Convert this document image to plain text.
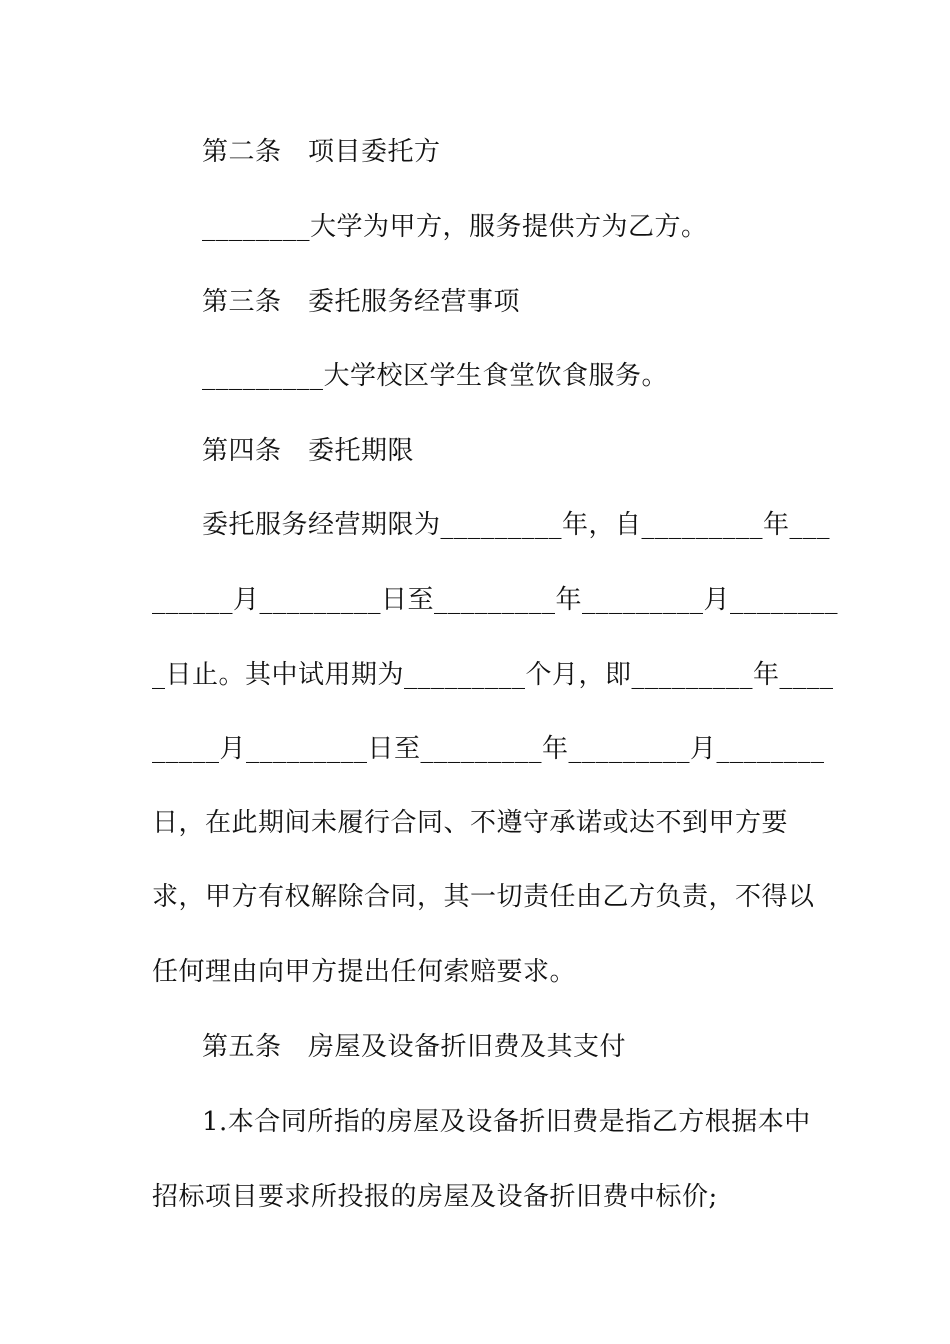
第二条　项目委托方
________大学为甲方，服务提供方为乙方。
第三条　委托服务经营事项
_________大学校区学生食堂饮食服务。
第四条　委托期限
委托服务经营期限为_________年，自_________年___
______月_________日至_________年_________月________
_日止。其中试用期为_________个月，即_________年____
_____月_________日至_________年_________月________
日，在此期间未履行合同、不遵守承诺或达不到甲方要
求，甲方有权解除合同，其一切责任由乙方负责，不得以
任何理由向甲方提出任何索赔要求。
第五条　房屋及设备折旧费及其支付
1.本合同所指的房屋及设备折旧费是指乙方根据本中
招标项目要求所投报的房屋及设备折旧费中标价;
